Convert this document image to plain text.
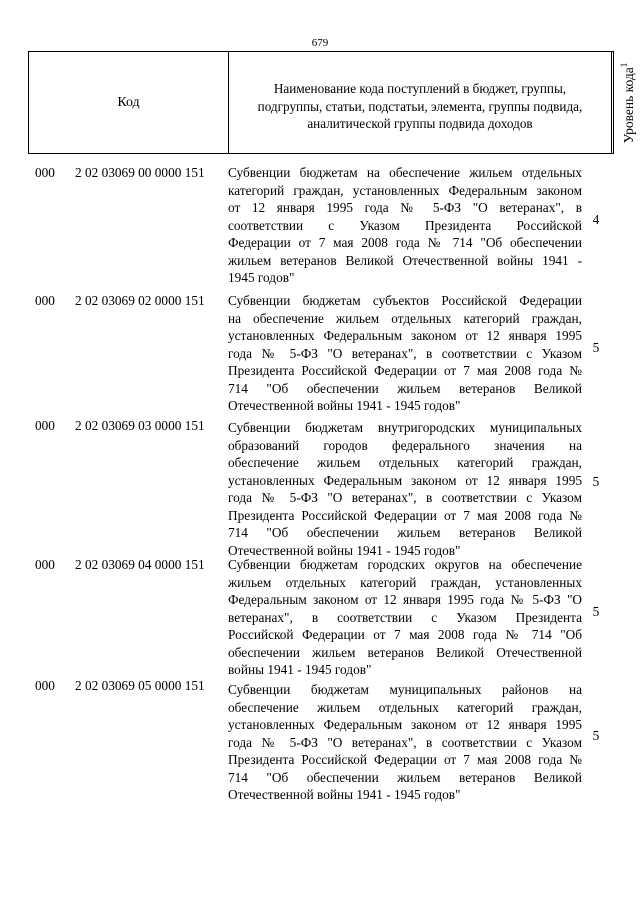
679
Код
Наименование кода поступлений в бюджет, группы,
подгруппы, статьи, подстатьи, элемента, группы подвида,
аналитической группы подвида доходов	Уровень кода$^1$
000 2 02 03069 00 0000 151 Субвенции бюджетам на обеспечение жильем отдельных
категорий граждан, установленных Федеральным законом
от 12 января 1995 года № 5-ФЗ "О ветеранах", в
соответствии с Указом Президента Российской
Федерации от 7 мая 2008 года № 714 "Об обеспечении
жильем ветеранов Великой Отечественной войны 1941 -
1945 годов"
4
000 2 02 03069 02 0000 151 Субвенции бюджетам субъектов Российской Федерации
на обеспечение жильем отдельных категорий граждан,
установленных Федеральным законом от 12 января 1995
года № 5-ФЗ "О ветеранах", в соответствии с Указом
Президента Российской Федерации от 7 мая 2008 года №
714 "Об обеспечении жильем ветеранов Великой
Отечественной войны 1941 - 1945 годов"
5
000 2 02 03069 03 0000 151 Субвенции бюджетам внутригородских муниципальных
образований городов федерального значения на
обеспечение жильем отдельных категорий граждан,
установленных Федеральным законом от 12 января 1995
года № 5-ФЗ "О ветеранах", в соответствии с Указом
Президента Российской Федерации от 7 мая 2008 года №
714 "Об обеспечении жильем ветеранов Великой
Отечественной войны 1941 - 1945 годов"
5
000 2 02 03069 04 0000 151 Субвенции бюджетам городских округов на обеспечение
жильем отдельных категорий граждан, установленных
Федеральным законом от 12 января 1995 года № 5-ФЗ "О
ветеранах", в соответствии с Указом Президента
Российской Федерации от 7 мая 2008 года № 714 "Об
обеспечении жильем ветеранов Великой Отечественной
войны 1941 - 1945 годов"
5
000 2 02 03069 05 0000 151 Субвенции бюджетам муниципальных районов на
обеспечение жильем отдельных категорий граждан,
установленных Федеральным законом от 12 января 1995
года № 5-ФЗ "О ветеранах", в соответствии с Указом
Президента Российской Федерации от 7 мая 2008 года №
714 "Об обеспечении жильем ветеранов Великой
Отечественной войны 1941 - 1945 годов"
5
